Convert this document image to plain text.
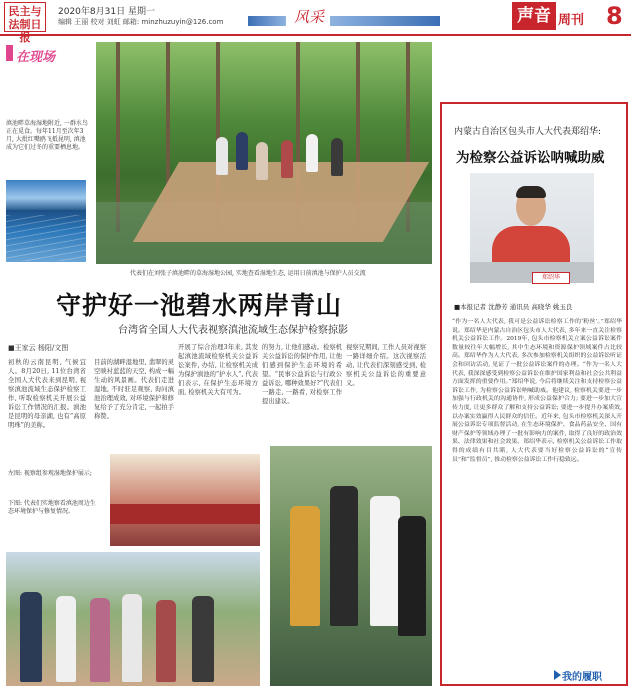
民主与法制日报
2020年8月31日 星期一
编辑 王丽 校对 刘虹 邮箱: minzhuzuyin@126.com	风采	声音 周刊 8
在现场
滇池畔草海湿地附近, 一群水鸟正在觅食。每年11月至次年3月, 大批红嘴鸥飞抵昆明, 滇池成为它们过冬的重要栖息地。
代表们在刘张子滇池畔的草海湿地公园, 实地查看湿地生态, 运用日前滇池与保护人员交流
守护好一池碧水两岸青山
台湾省全国人大代表视察滇池流域生态保护检察掠影
■王家云 杨阳/文图
初秋的云南昆明, 气候宜人。8月20日, 11位台湾省全国人大代表来到昆明, 视察滇池流域生态保护检察工作, 听取检察机关开展公益诉讼工作情况的汇报。滇池是昆明的母亲湖, 也有“高原明珠”的美称。
目前的湖畔湿地里, 翡翠的灵空映衬蓝蓝的天空, 构成一幅生动的风景画。代表们走进湿地, 不时驻足观察, 询问滇池治理成效, 对环境保护和修复给予了充分肯定, 一起拍手称赞。
开展了综合治理3年来, 其发起滇池流域检察机关公益诉讼案件, 办结, 让检察机关成为保护滇池的“护水人”, 代表们表示, 在保护生态环境方面, 检察机关大有可为。
的努力, 让他们感动。检察机关公益诉讼的保护作用, 让他们感到保护生态环境的希望。“民事公益诉讼与行政公益诉讼, 哪种效果好?”代表们一路走, 一路看, 对检察工作提出建议。
视察兄期间, 工作人员对视察一路详细介绍。这次视察活动, 让代表们深刻感受到, 检察机关公益诉讼的重要意义。
左图: 视察组参观湿地保护展示;
下图: 代表们实地察看滇池周边生态环境保护与修复情况。
内蒙古自治区包头市人大代表郑绍华:
为检察公益诉讼呐喊助威
郑绍华
■本报记者 沈静芳 通讯员 高晓华 姚玉良
“作为一名人大代表, 我可是公益诉讼检察工作的‘粉丝’。”郑绍华说。郑绍华是内蒙古自治区包头市人大代表, 多年来一直关注检察机关公益诉讼工作。2019年, 包头市检察机关立案公益诉讼案件数量较往年大幅增长, 其中生态环境和资源保护领域案件占比较高。郑绍华作为人大代表, 多次参加检察机关组织的公益诉讼听证会和回访活动, 见证了一批公益诉讼案件的办理。“作为一名人大代表, 我深深感受到检察公益诉讼在维护国家利益和社会公共利益方面发挥的重要作用。”郑绍华说, 今后将继续关注和支持检察公益诉讼工作, 为检察公益诉讼呐喊助威。他建议, 检察机关要进一步加强与行政机关的沟通协作, 形成公益保护合力; 要进一步加大宣传力度, 让更多群众了解和支持公益诉讼; 要进一步提升办案质效, 以办案实效赢得人民群众的信任。近年来, 包头市检察机关深入开展公益诉讼专项监督活动, 在生态环境保护、食品药品安全、国有财产保护等领域办理了一批有影响力的案件, 取得了良好的政治效果、法律效果和社会效果。郑绍华表示, 检察机关公益诉讼工作取得的成绩有目共睹, 人大代表要当好检察公益诉讼的“宣传员”和“监督员”, 推动检察公益诉讼工作行稳致远。
我的履职
